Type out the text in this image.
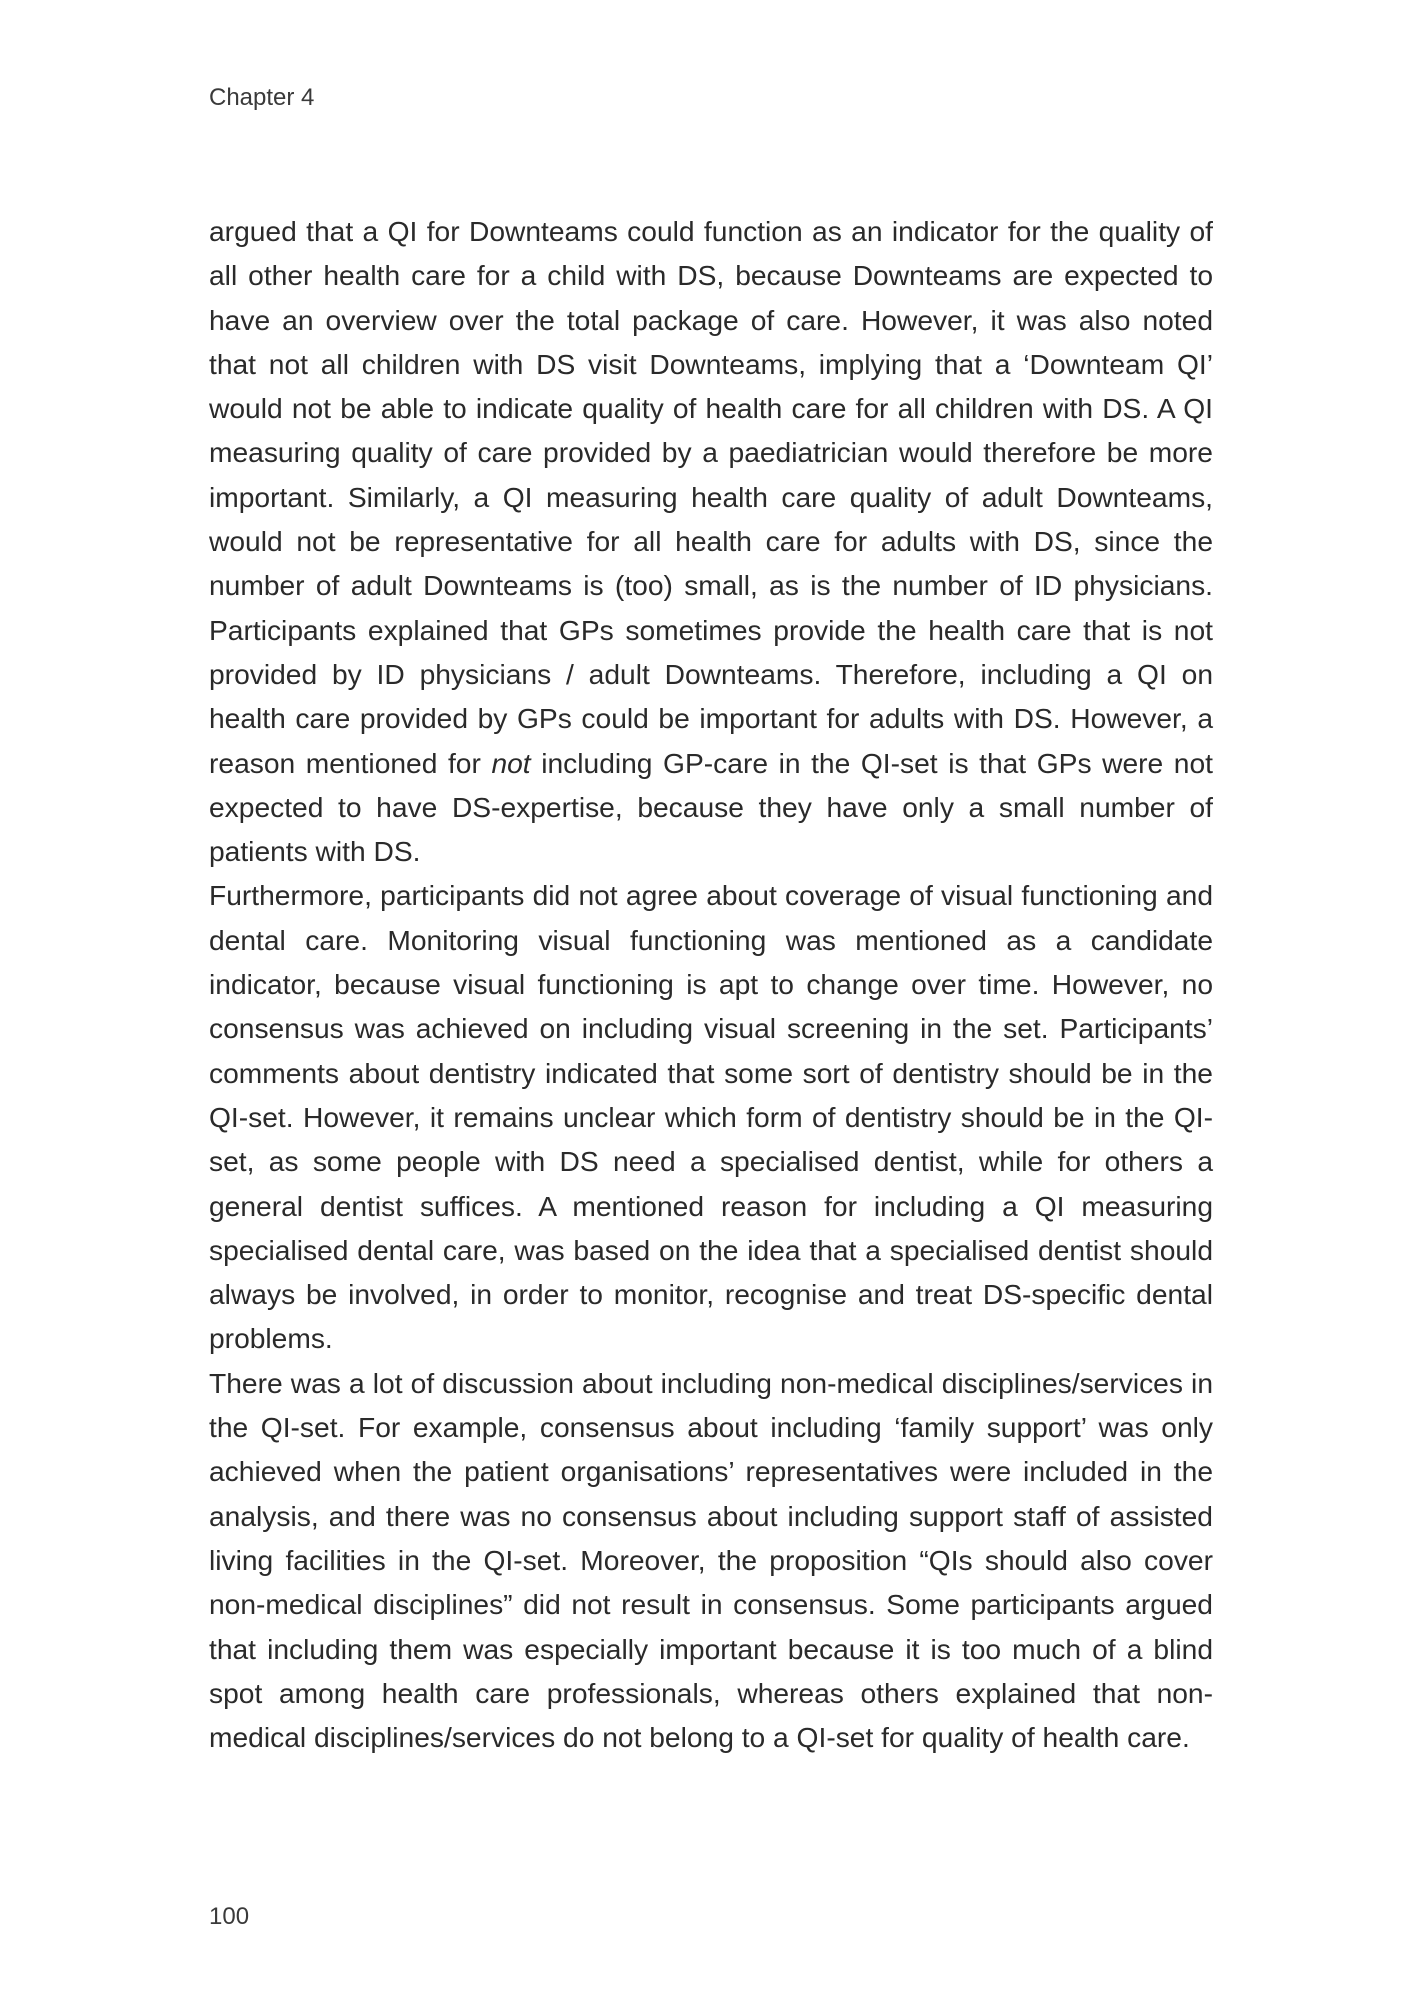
Chapter 4

argued that a QI for Downteams could function as an indicator for the quality of all other health care for a child with DS, because Downteams are expected to have an overview over the total package of care. However, it was also noted that not all children with DS visit Downteams, implying that a ‘Downteam QI’ would not be able to indicate quality of health care for all children with DS. A QI measuring quality of care provided by a paediatrician would therefore be more important. Similarly, a QI measuring health care quality of adult Downteams, would not be representative for all health care for adults with DS, since the number of adult Downteams is (too) small, as is the number of ID physicians. Participants explained that GPs sometimes provide the health care that is not provided by ID physicians / adult Downteams. Therefore, including a QI on health care provided by GPs could be important for adults with DS. However, a reason mentioned for not including GP-care in the QI-set is that GPs were not expected to have DS-expertise, because they have only a small number of patients with DS.

Furthermore, participants did not agree about coverage of visual functioning and dental care. Monitoring visual functioning was mentioned as a candidate indicator, because visual functioning is apt to change over time. However, no consensus was achieved on including visual screening in the set. Participants’ comments about dentistry indicated that some sort of dentistry should be in the QI-set. However, it remains unclear which form of dentistry should be in the QI-set, as some people with DS need a specialised dentist, while for others a general dentist suffices. A mentioned reason for including a QI measuring specialised dental care, was based on the idea that a specialised dentist should always be involved, in order to monitor, recognise and treat DS-specific dental problems.

There was a lot of discussion about including non-medical disciplines/services in the QI-set. For example, consensus about including ‘family support’ was only achieved when the patient organisations’ representatives were included in the analysis, and there was no consensus about including support staff of assisted living facilities in the QI-set. Moreover, the proposition “QIs should also cover non-medical disciplines” did not result in consensus. Some participants argued that including them was especially important because it is too much of a blind spot among health care professionals, whereas others explained that non-medical disciplines/services do not belong to a QI-set for quality of health care.

100
